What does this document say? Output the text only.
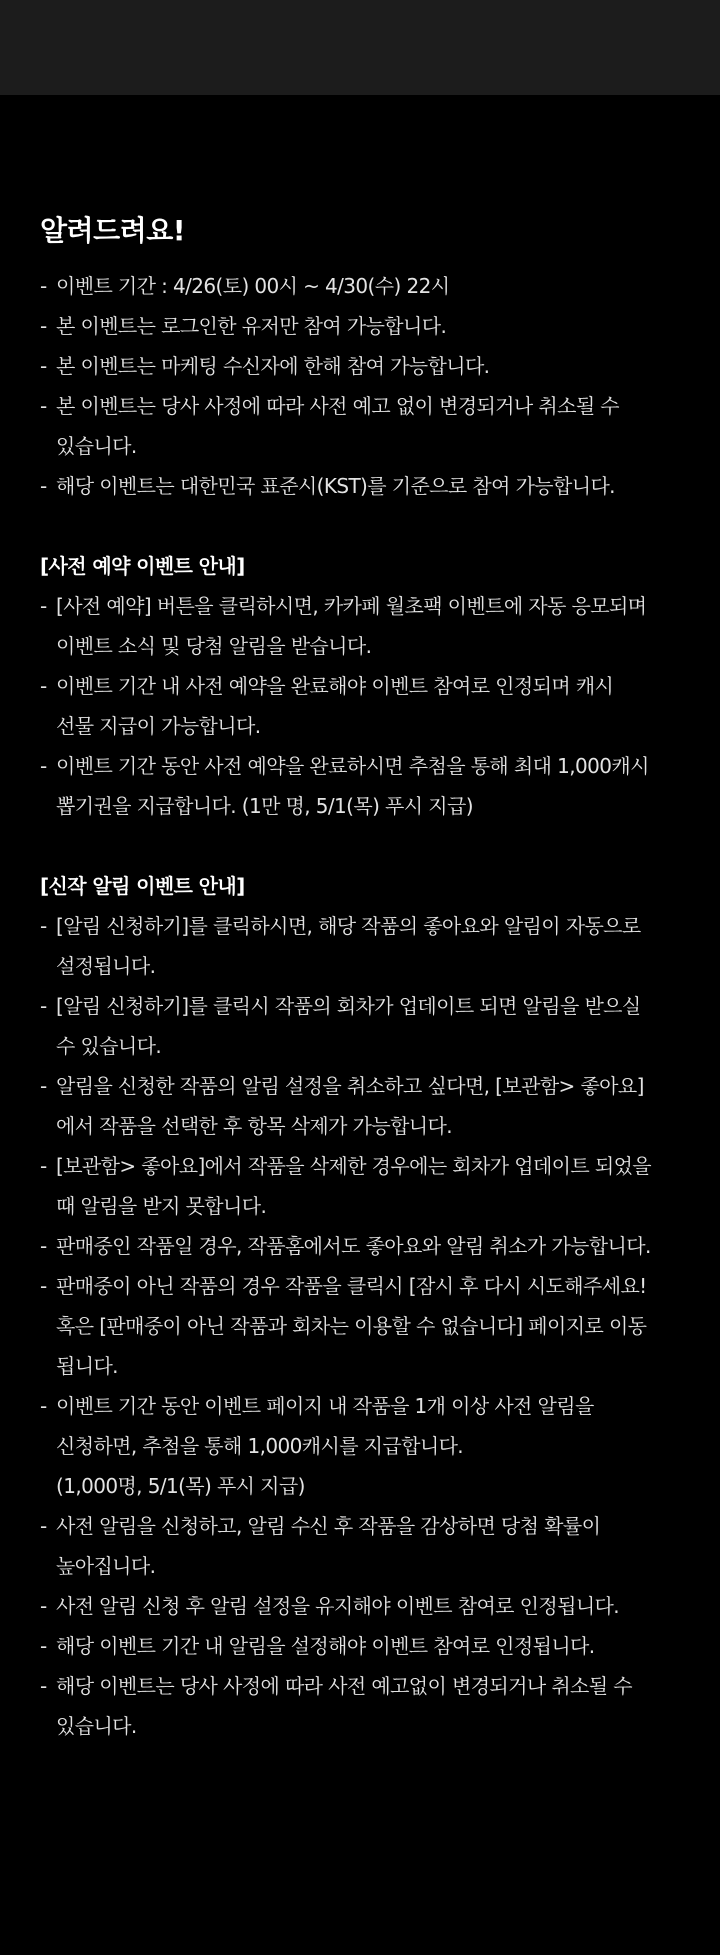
알려드려요!
- 이벤트 기간 : 4/26(토) 00시 ~ 4/30(수) 22시
- 본 이벤트는 로그인한 유저만 참여 가능합니다.
- 본 이벤트는 마케팅 수신자에 한해 참여 가능합니다.
- 본 이벤트는 당사 사정에 따라 사전 예고 없이 변경되거나 취소될 수
있습니다.
- 해당 이벤트는 대한민국 표준시(KST)를 기준으로 참여 가능합니다.
[사전 예약 이벤트 안내]
- [사전 예약] 버튼을 클릭하시면, 카카페 월초팩 이벤트에 자동 응모되며
이벤트 소식 및 당첨 알림을 받습니다.
- 이벤트 기간 내 사전 예약을 완료해야 이벤트 참여로 인정되며 캐시
선물 지급이 가능합니다.
- 이벤트 기간 동안 사전 예약을 완료하시면 추첨을 통해 최대 1,000캐시
뽑기권을 지급합니다. (1만 명, 5/1(목) 푸시 지급)
[신작 알림 이벤트 안내]
- [알림 신청하기]를 클릭하시면, 해당 작품의 좋아요와 알림이 자동으로
설정됩니다.
- [알림 신청하기]를 클릭시 작품의 회차가 업데이트 되면 알림을 받으실
수 있습니다.
- 알림을 신청한 작품의 알림 설정을 취소하고 싶다면, [보관함> 좋아요]
에서 작품을 선택한 후 항목 삭제가 가능합니다.
- [보관함> 좋아요]에서 작품을 삭제한 경우에는 회차가 업데이트 되었을
때 알림을 받지 못합니다.
- 판매중인 작품일 경우, 작품홈에서도 좋아요와 알림 취소가 가능합니다.
- 판매중이 아닌 작품의 경우 작품을 클릭시 [잠시 후 다시 시도해주세요!
혹은 [판매중이 아닌 작품과 회차는 이용할 수 없습니다] 페이지로 이동
됩니다.
- 이벤트 기간 동안 이벤트 페이지 내 작품을 1개 이상 사전 알림을
신청하면, 추첨을 통해 1,000캐시를 지급합니다.
(1,000명, 5/1(목) 푸시 지급)
- 사전 알림을 신청하고, 알림 수신 후 작품을 감상하면 당첨 확률이
높아집니다.
- 사전 알림 신청 후 알림 설정을 유지해야 이벤트 참여로 인정됩니다.
- 해당 이벤트 기간 내 알림을 설정해야 이벤트 참여로 인정됩니다.
- 해당 이벤트는 당사 사정에 따라 사전 예고없이 변경되거나 취소될 수
있습니다.
